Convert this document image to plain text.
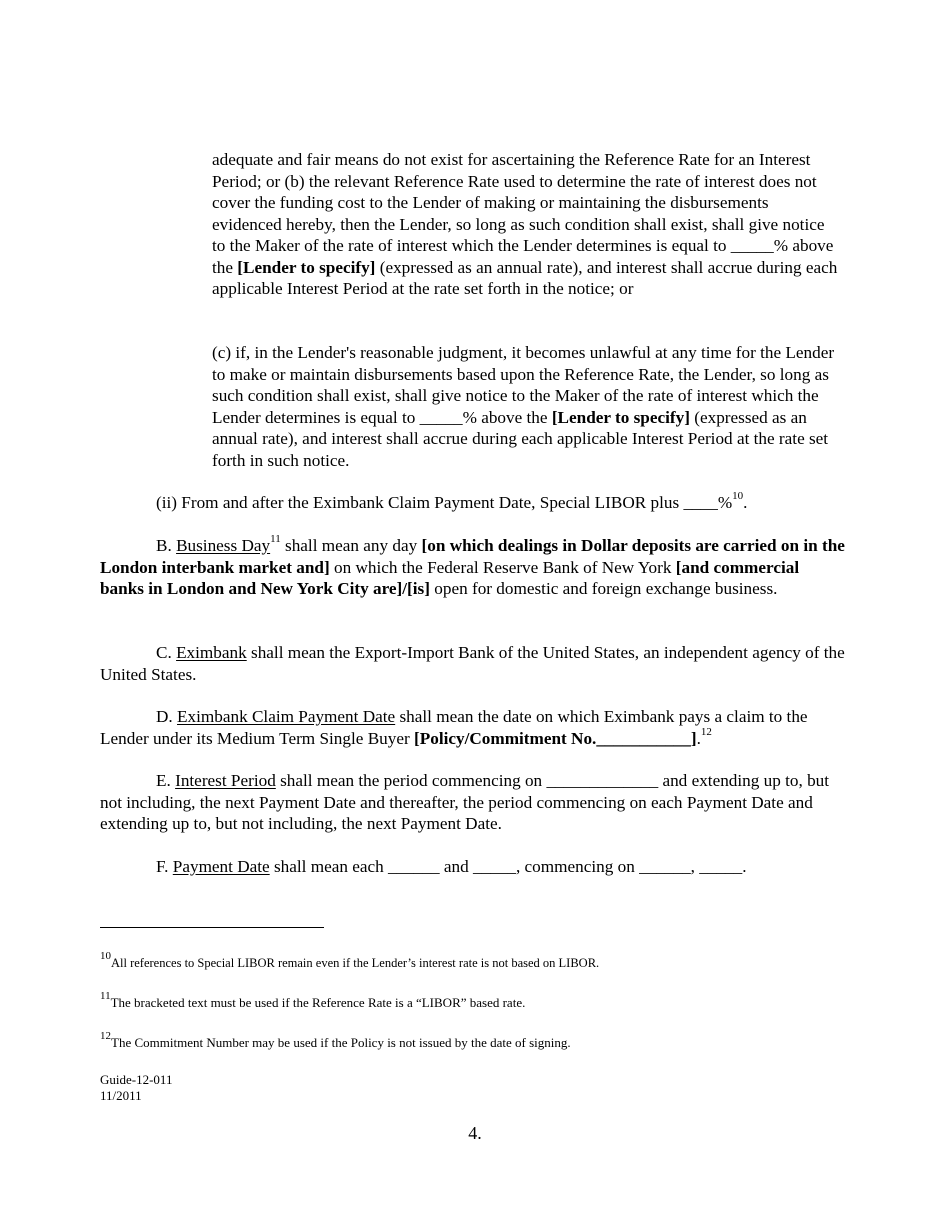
adequate and fair means do not exist for ascertaining the Reference Rate for an Interest Period; or (b) the relevant Reference Rate used to determine the rate of interest does not cover the funding cost to the Lender of making or maintaining the disbursements evidenced hereby, then the Lender, so long as such condition shall exist, shall give notice to the Maker of the rate of interest which the Lender determines is equal to _____% above the [Lender to specify] (expressed as an annual rate), and interest shall accrue during each applicable Interest Period at the rate set forth in the notice; or

(c) if, in the Lender's reasonable judgment, it becomes unlawful at any time for the Lender to make or maintain disbursements based upon the Reference Rate, the Lender, so long as such condition shall exist, shall give notice to the Maker of the rate of interest which the Lender determines is equal to _____% above the [Lender to specify] (expressed as an annual rate), and interest shall accrue during each applicable Interest Period at the rate set forth in such notice.

(ii) From and after the Eximbank Claim Payment Date, Special LIBOR plus ____%$^{10}$.

B. Business Day$^{11}$ shall mean any day [on which dealings in Dollar deposits are carried on in the London interbank market and] on which the Federal Reserve Bank of New York [and commercial banks in London and New York City are]/[is] open for domestic and foreign exchange business.

C. Eximbank shall mean the Export-Import Bank of the United States, an independent agency of the United States.

D. Eximbank Claim Payment Date shall mean the date on which Eximbank pays a claim to the Lender under its Medium Term Single Buyer [Policy/Commitment No.___________].$^{12}$

E. Interest Period shall mean the period commencing on _____________ and extending up to, but not including, the next Payment Date and thereafter, the period commencing on each Payment Date and extending up to, but not including, the next Payment Date.

F. Payment Date shall mean each ______ and _____, commencing on ______, _____.

$^{10}$All references to Special LIBOR remain even if the Lender’s interest rate is not based on LIBOR.
$^{11}$The bracketed text must be used if the Reference Rate is a “LIBOR” based rate.
$^{12}$The Commitment Number may be used if the Policy is not issued by the date of signing.
Guide-12-011
11/2011
4.
